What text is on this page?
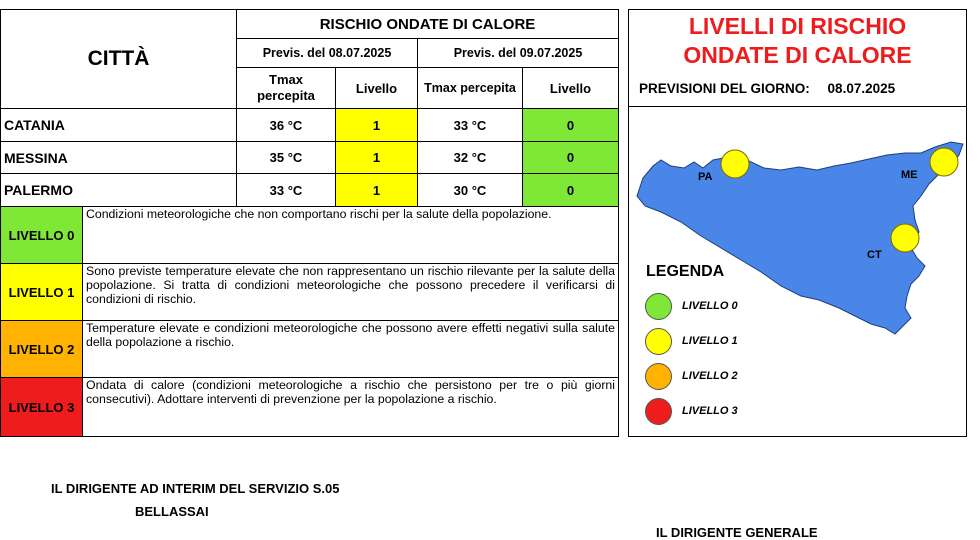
CITTÀ
RISCHIO ONDATE DI CALORE
Previs. del 08.07.2025	Previs. del 09.07.2025
Tmax percepita	Livello	Tmax percepita	Livello
CATANIA	36 °C	1	33 °C	0
MESSINA	35 °C	1	32 °C	0
PALERMO	33 °C	1	30 °C	0
LIVELLO 0
Condizioni meteorologiche che non comportano rischi per la salute della popolazione.
LIVELLO 1
Sono previste temperature elevate che non rappresentano un rischio rilevante per la salute della popolazione. Si tratta di condizioni meteorologiche che possono precedere il verificarsi di condizioni di rischio.
LIVELLO 2
Temperature elevate e condizioni meteorologiche che possono avere effetti negativi sulla salute della popolazione a rischio.
LIVELLO 3
Ondata di calore (condizioni meteorologiche a rischio che persistono per tre o più giorni consecutivi). Adottare interventi di prevenzione per la popolazione a rischio.
LIVELLI DI RISCHIO
ONDATE DI CALORE
PREVISIONI DEL GIORNO: 08.07.2025
PA	ME
CT
LEGENDA
LIVELLO 0
LIVELLO 1
LIVELLO 2
LIVELLO 3
IL DIRIGENTE AD INTERIM DEL SERVIZIO S.05
BELLASSAI
IL DIRIGENTE GENERALE
